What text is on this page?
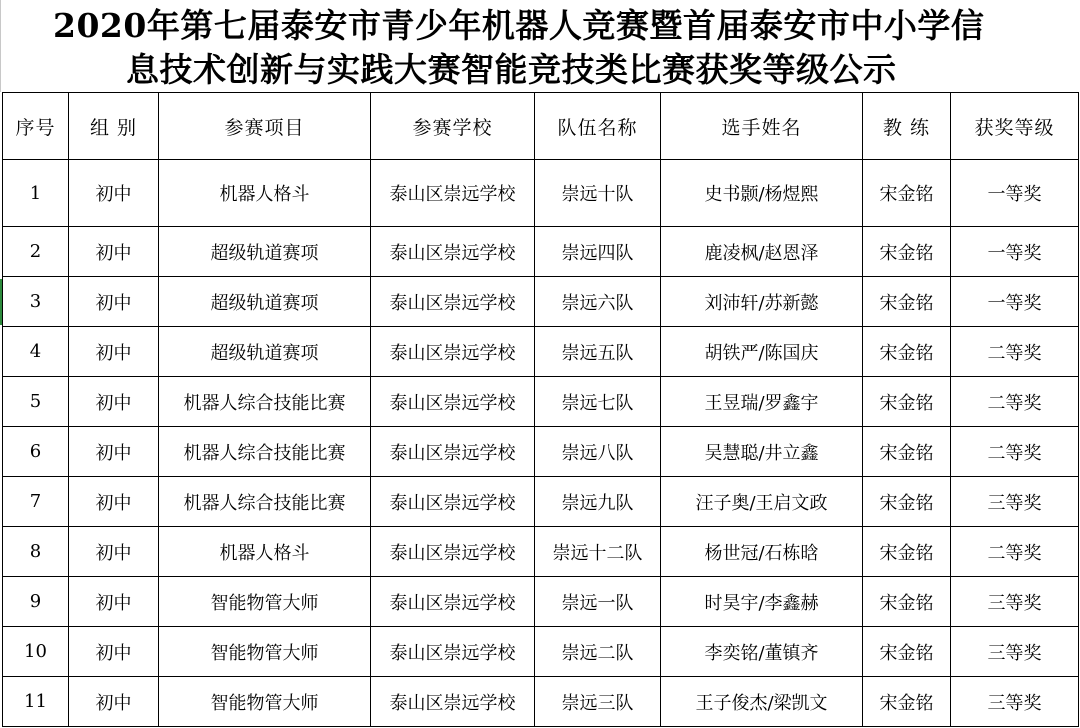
2020年第七届泰安市青少年机器人竞赛暨首届泰安市中小学信
息技术创新与实践大赛智能竞技类比赛获奖等级公示
序号	组 别	参赛项目	参赛学校	队伍名称	选手姓名	教 练	获奖等级
1	初中	机器人格斗	泰山区崇远学校	崇远十队	史书颢/杨煜熙	宋金铭	一等奖
2	初中	超级轨道赛项	泰山区崇远学校	崇远四队	鹿凌枫/赵恩泽	宋金铭	一等奖
3	初中	超级轨道赛项	泰山区崇远学校	崇远六队	刘沛轩/苏新懿	宋金铭	一等奖
4	初中	超级轨道赛项	泰山区崇远学校	崇远五队	胡铁严/陈国庆	宋金铭	二等奖
5	初中	机器人综合技能比赛	泰山区崇远学校	崇远七队	王昱瑞/罗鑫宇	宋金铭	二等奖
6	初中	机器人综合技能比赛	泰山区崇远学校	崇远八队	吴慧聪/井立鑫	宋金铭	二等奖
7	初中	机器人综合技能比赛	泰山区崇远学校	崇远九队	汪子奥/王启文政	宋金铭	三等奖
8	初中	机器人格斗	泰山区崇远学校	崇远十二队	杨世冠/石栋晗	宋金铭	二等奖
9	初中	智能物管大师	泰山区崇远学校	崇远一队	时昊宇/李鑫赫	宋金铭	三等奖
10	初中	智能物管大师	泰山区崇远学校	崇远二队	李奕铭/董镇齐	宋金铭	三等奖
11	初中	智能物管大师	泰山区崇远学校	崇远三队	王子俊杰/梁凯文	宋金铭	三等奖
